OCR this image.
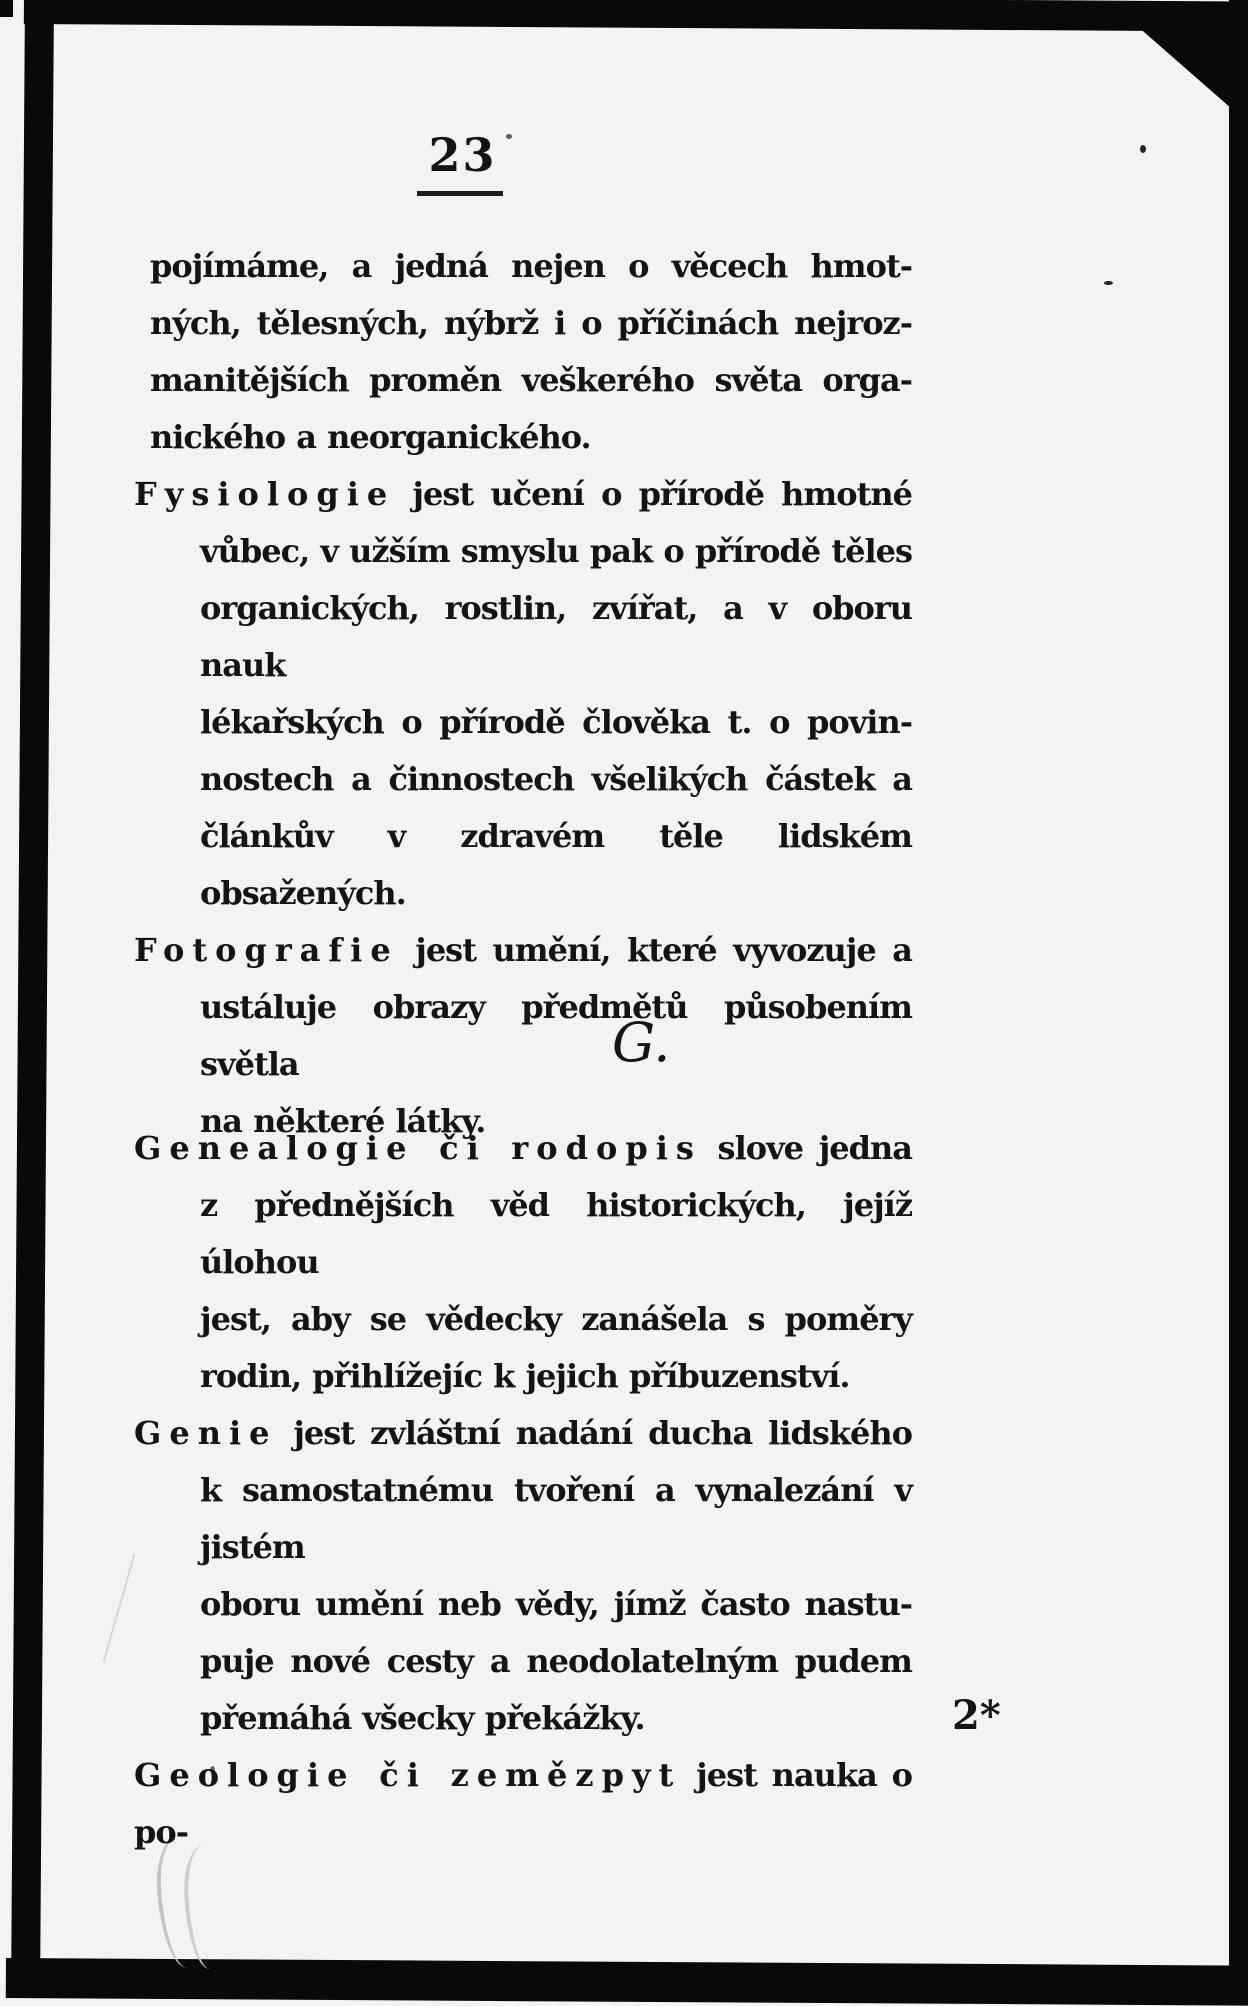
23
pojímáme, a jedná nejen o věcech hmot-
ných, tělesných, nýbrž i o příčinách nejroz-
manitějších proměn veškerého světa orga-
nického a neorganického.
Fysiologie jest učení o přírodě hmotné
vůbec, v užším smyslu pak o přírodě těles
organických, rostlin, zvířat, a v oboru nauk
lékařských o přírodě člověka t. o povin-
nostech a činnostech všelikých částek a
článkův v zdravém těle lidském obsažených.
Fotografie jest umění, které vyvozuje a
ustáluje obrazy předmětů působením světla
na některé látky.
G.
Genealogie či rodopis slove jedna
z přednějších věd historických, jejíž úlohou
jest, aby se vědecky zanášela s poměry
rodin, přihlížejíc k jejich příbuzenství.
Genie jest zvláštní nadání ducha lidského
k samostatnému tvoření a vynalezání v jistém
oboru umění neb vědy, jímž často nastu-
puje nové cesty a neodolatelným pudem
přemáhá všecky překážky.
Geologie či zemězpyt jest nauka o po-
2*
